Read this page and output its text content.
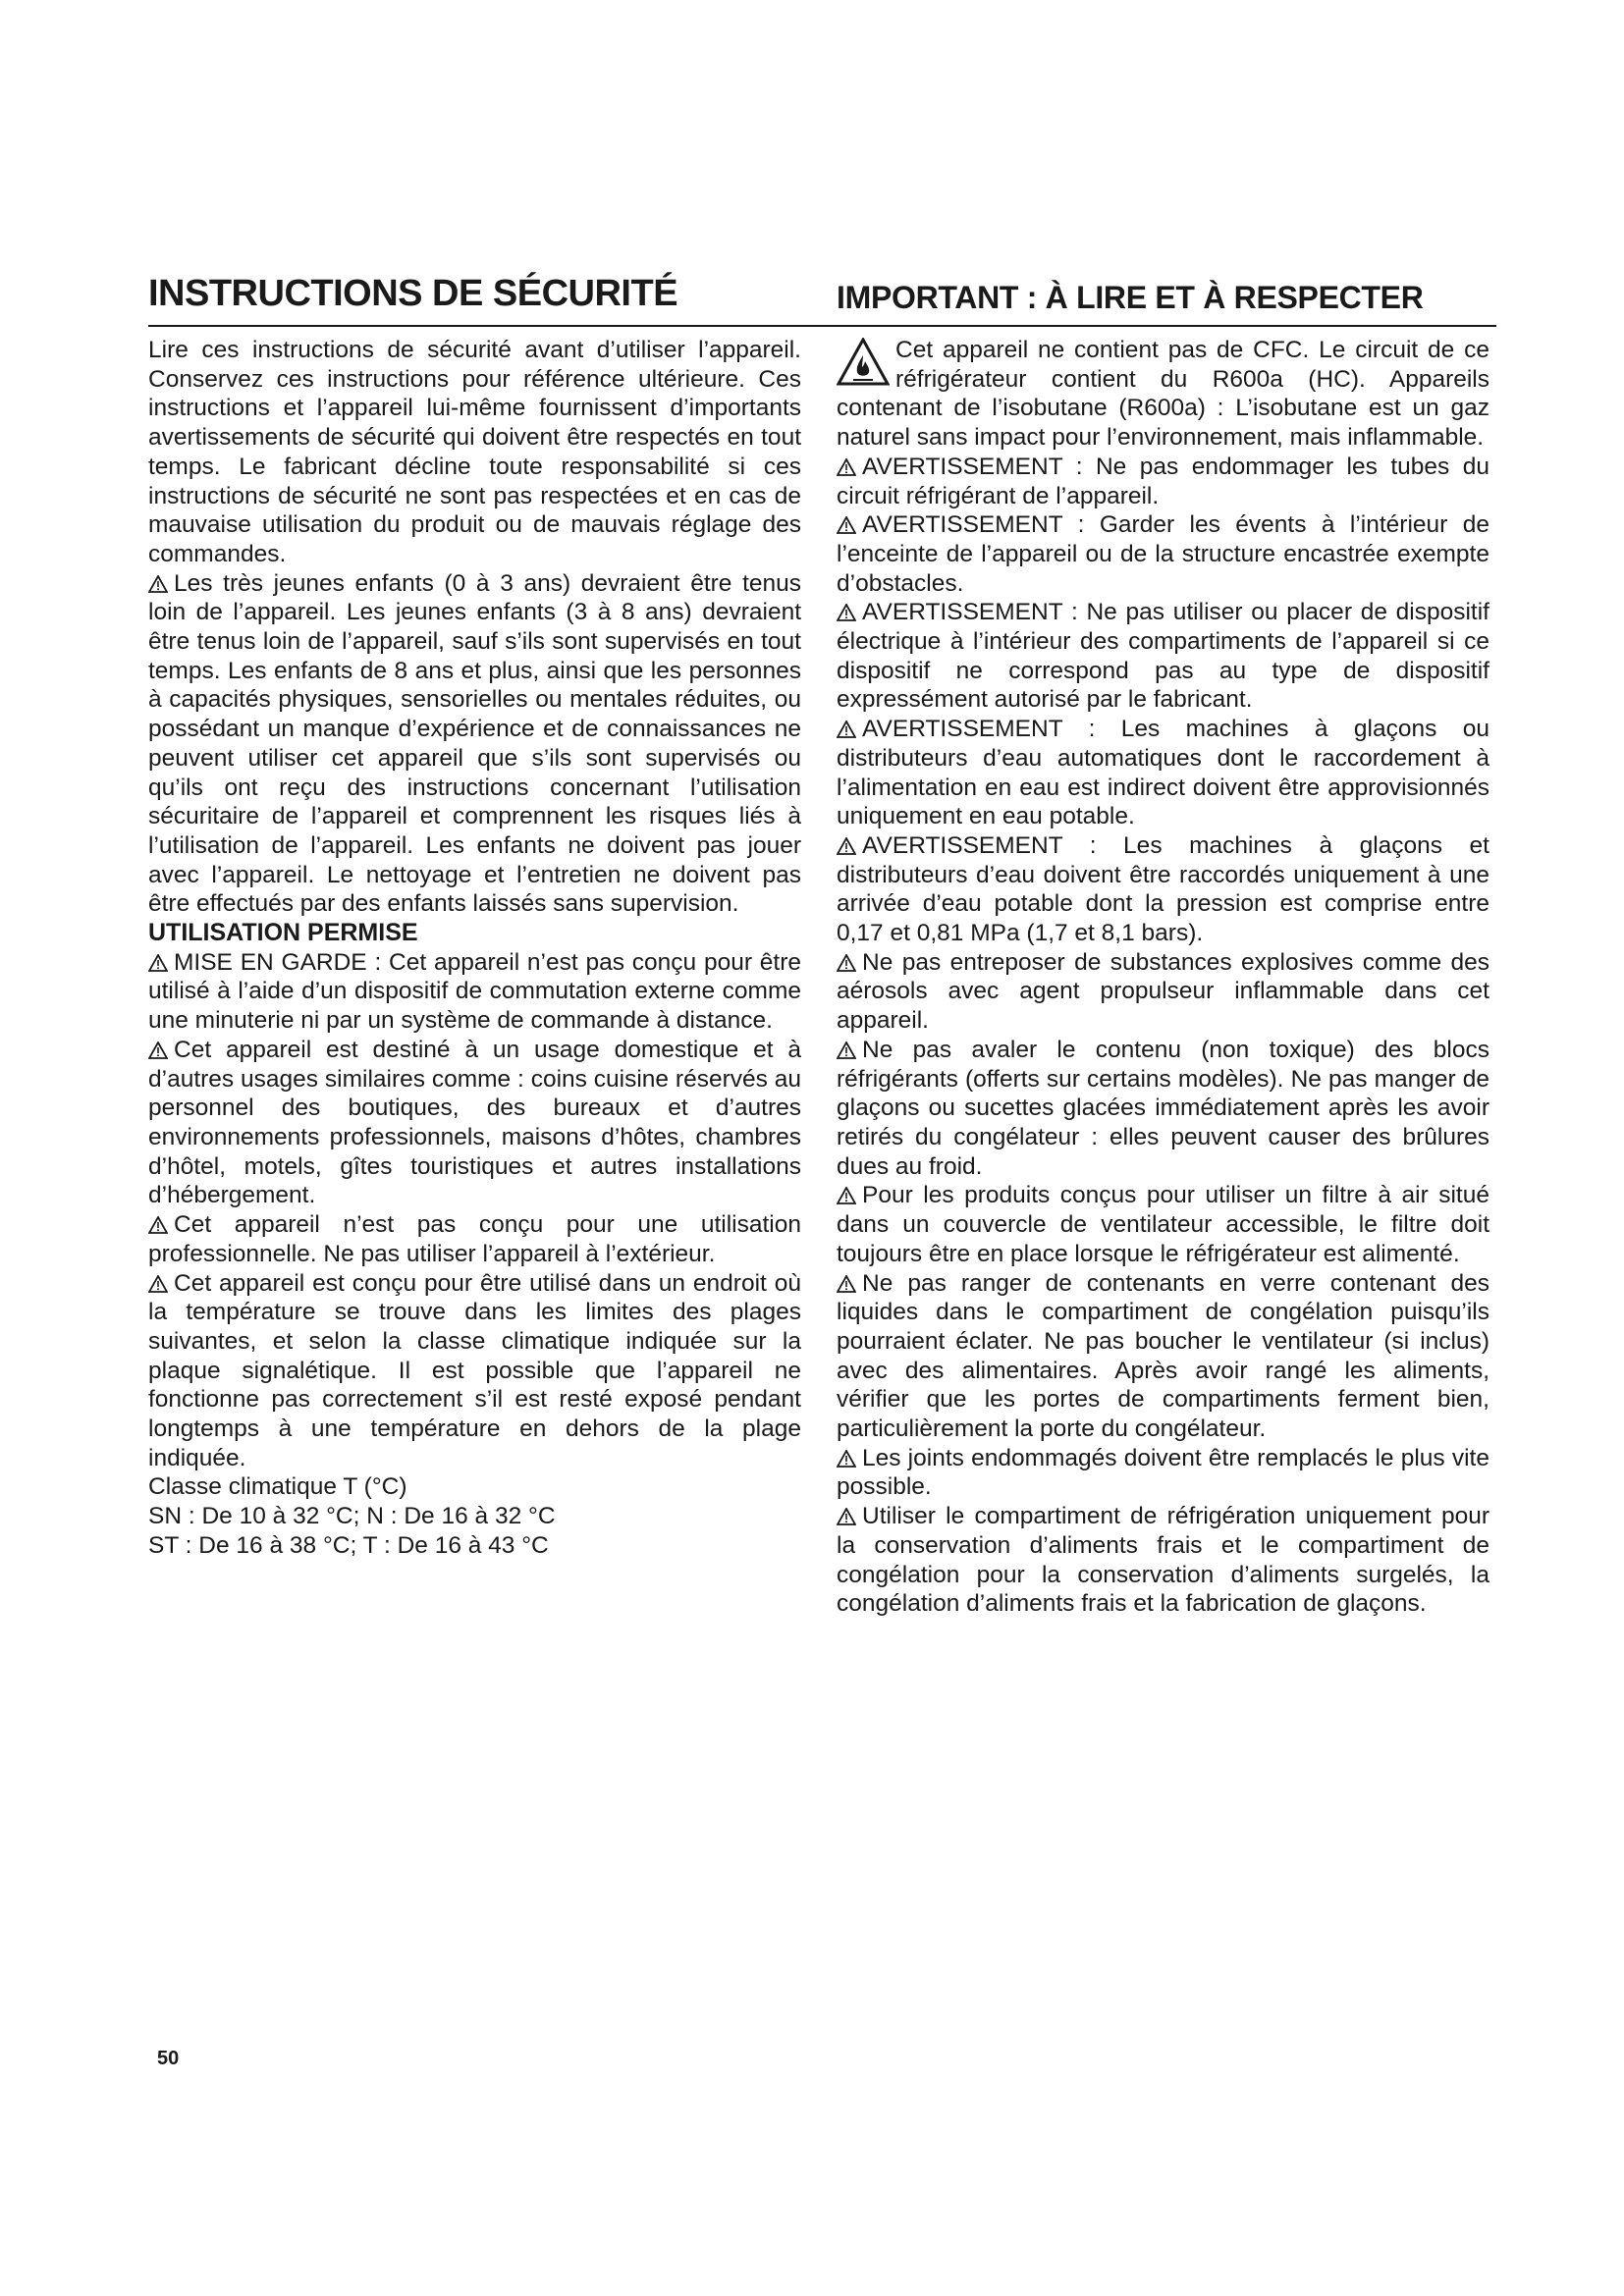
INSTRUCTIONS DE SÉCURITÉ	IMPORTANT : À LIRE ET À RESPECTER

Lire ces instructions de sécurité avant d’utiliser l’appareil. Conservez ces instructions pour référence ultérieure. Ces instructions et l’appareil lui-même fournissent d’importants avertissements de sécurité qui doivent être respectés en tout temps. Le fabricant décline toute responsabilité si ces instructions de sécurité ne sont pas respectées et en cas de mauvaise utilisation du produit ou de mauvais réglage des commandes.

Les très jeunes enfants (0 à 3 ans) devraient être tenus loin de l’appareil. Les jeunes enfants (3 à 8 ans) devraient être tenus loin de l’appareil, sauf s’ils sont supervisés en tout temps. Les enfants de 8 ans et plus, ainsi que les personnes à capacités physiques, sensorielles ou mentales réduites, ou possédant un manque d’expérience et de connaissances ne peuvent utiliser cet appareil que s’ils sont supervisés ou qu’ils ont reçu des instructions concernant l’utilisation sécuritaire de l’appareil et comprennent les risques liés à l’utilisation de l’appareil. Les enfants ne doivent pas jouer avec l’appareil. Le nettoyage et l’entretien ne doivent pas être effectués par des enfants laissés sans supervision.

UTILISATION PERMISE

MISE EN GARDE : Cet appareil n’est pas conçu pour être utilisé à l’aide d’un dispositif de commutation externe comme une minuterie ni par un système de commande à distance.

Cet appareil est destiné à un usage domestique et à d’autres usages similaires comme : coins cuisine réservés au personnel des boutiques, des bureaux et d’autres environnements professionnels, maisons d’hôtes, chambres d’hôtel, motels, gîtes touristiques et autres installations d’hébergement.

Cet appareil n’est pas conçu pour une utilisation professionnelle. Ne pas utiliser l’appareil à l’extérieur.

Cet appareil est conçu pour être utilisé dans un endroit où la température se trouve dans les limites des plages suivantes, et selon la classe climatique indiquée sur la plaque signalétique. Il est possible que l’appareil ne fonctionne pas correctement s’il est resté exposé pendant longtemps à une température en dehors de la plage indiquée.

Classe climatique T (°C)

SN : De 10 à 32 °C; N : De 16 à 32 °C

ST : De 16 à 38 °C; T : De 16 à 43 °C

Cet appareil ne contient pas de CFC. Le circuit de ce réfrigérateur contient du R600a (HC). Appareils contenant de l’isobutane (R600a) : L’isobutane est un gaz naturel sans impact pour l’environnement, mais inflammable.

AVERTISSEMENT : Ne pas endommager les tubes du circuit réfrigérant de l’appareil.

AVERTISSEMENT : Garder les évents à l’intérieur de l’enceinte de l’appareil ou de la structure encastrée exempte d’obstacles.

AVERTISSEMENT : Ne pas utiliser ou placer de dispositif électrique à l’intérieur des compartiments de l’appareil si ce dispositif ne correspond pas au type de dispositif expressément autorisé par le fabricant.

AVERTISSEMENT : Les machines à glaçons ou distributeurs d’eau automatiques dont le raccordement à l’alimentation en eau est indirect doivent être approvisionnés uniquement en eau potable.

AVERTISSEMENT : Les machines à glaçons et distributeurs d’eau doivent être raccordés uniquement à une arrivée d’eau potable dont la pression est comprise entre 0,17 et 0,81 MPa (1,7 et 8,1 bars).

Ne pas entreposer de substances explosives comme des aérosols avec agent propulseur inflammable dans cet appareil.

Ne pas avaler le contenu (non toxique) des blocs réfrigérants (offerts sur certains modèles). Ne pas manger de glaçons ou sucettes glacées immédiatement après les avoir retirés du congélateur : elles peuvent causer des brûlures dues au froid.

Pour les produits conçus pour utiliser un filtre à air situé dans un couvercle de ventilateur accessible, le filtre doit toujours être en place lorsque le réfrigérateur est alimenté.

Ne pas ranger de contenants en verre contenant des liquides dans le compartiment de congélation puisqu’ils pourraient éclater. Ne pas boucher le ventilateur (si inclus) avec des alimentaires. Après avoir rangé les aliments, vérifier que les portes de compartiments ferment bien, particulièrement la porte du congélateur.

Les joints endommagés doivent être remplacés le plus vite possible.

Utiliser le compartiment de réfrigération uniquement pour la conservation d’aliments frais et le compartiment de congélation pour la conservation d’aliments surgelés, la congélation d’aliments frais et la fabrication de glaçons.

50
